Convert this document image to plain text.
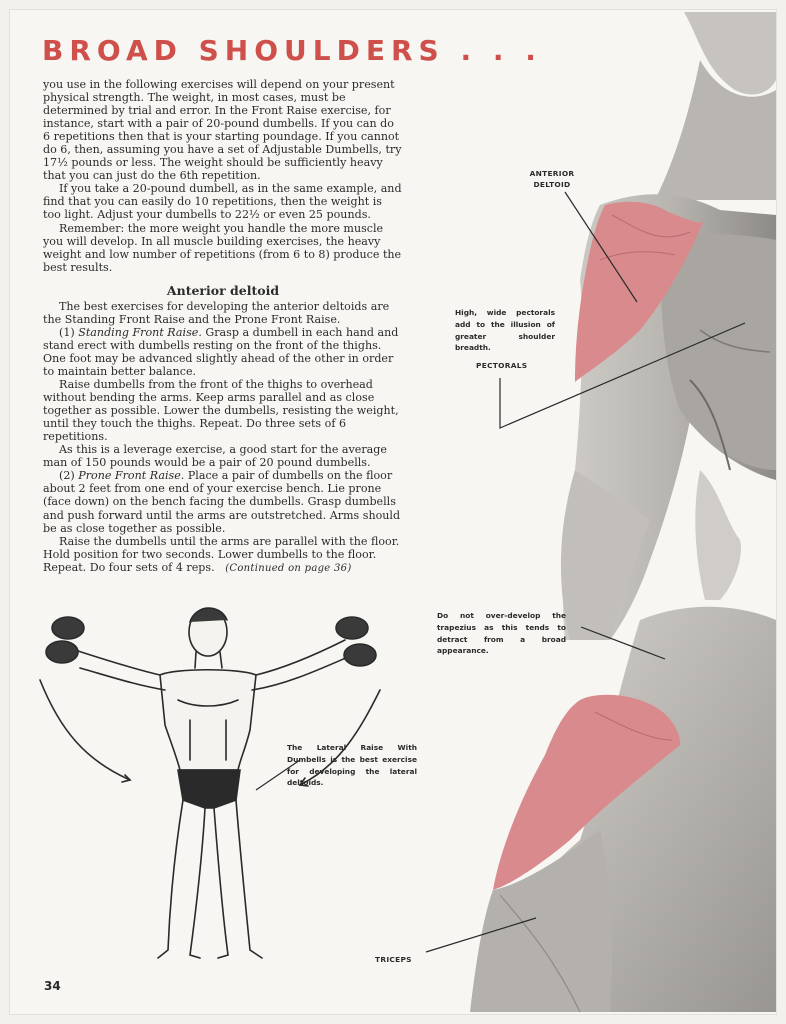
BROAD SHOULDERS . . .

you use in the following exercises will depend on your present physical strength. The weight, in most cases, must be determined by trial and error. In the Front Raise exercise, for instance, start with a pair of 20-pound dumbells. If you can do 6 repetitions then that is your starting poundage. If you cannot do 6, then, assuming you have a set of Adjustable Dumbells, try 17½ pounds or less. The weight should be sufficiently heavy that you can just do the 6th repetition.

If you take a 20-pound dumbell, as in the same example, and find that you can easily do 10 repetitions, then the weight is too light. Adjust your dumbells to 22½ or even 25 pounds.

Remember: the more weight you handle the more muscle you will develop. In all muscle building exercises, the heavy weight and low number of repetitions (from 6 to 8) produce the best results.

Anterior deltoid

The best exercises for developing the anterior deltoids are the Standing Front Raise and the Prone Front Raise.

(1) Standing Front Raise. Grasp a dumbell in each hand and stand erect with dumbells resting on the front of the thighs. One foot may be advanced slightly ahead of the other in order to maintain better balance.

Raise dumbells from the front of the thighs to overhead without bending the arms. Keep arms parallel and as close together as possible. Lower the dumbells, resisting the weight, until they touch the thighs. Repeat. Do three sets of 6 repetitions.

As this is a leverage exercise, a good start for the average man of 150 pounds would be a pair of 20 pound dumbells.

(2) Prone Front Raise. Place a pair of dumbells on the floor about 2 feet from one end of your exercise bench. Lie prone (face down) on the bench facing the dumbells. Grasp dumbells and push forward until the arms are outstretched. Arms should be as close together as possible.

Raise the dumbells until the arms are parallel with the floor. Hold position for two seconds. Lower dumbells to the floor. Repeat. Do four sets of 4 reps. (Continued on page 36)

ANTERIOR DELTOID
High, wide pectorals add to the illusion of greater shoulder breadth.
PECTORALS
Do not over-develop the trapezius as this tends to detract from a broad appearance.
The Lateral Raise With Dumbells is the best exercise for developing the lateral deltoids.
TRICEPS
34
